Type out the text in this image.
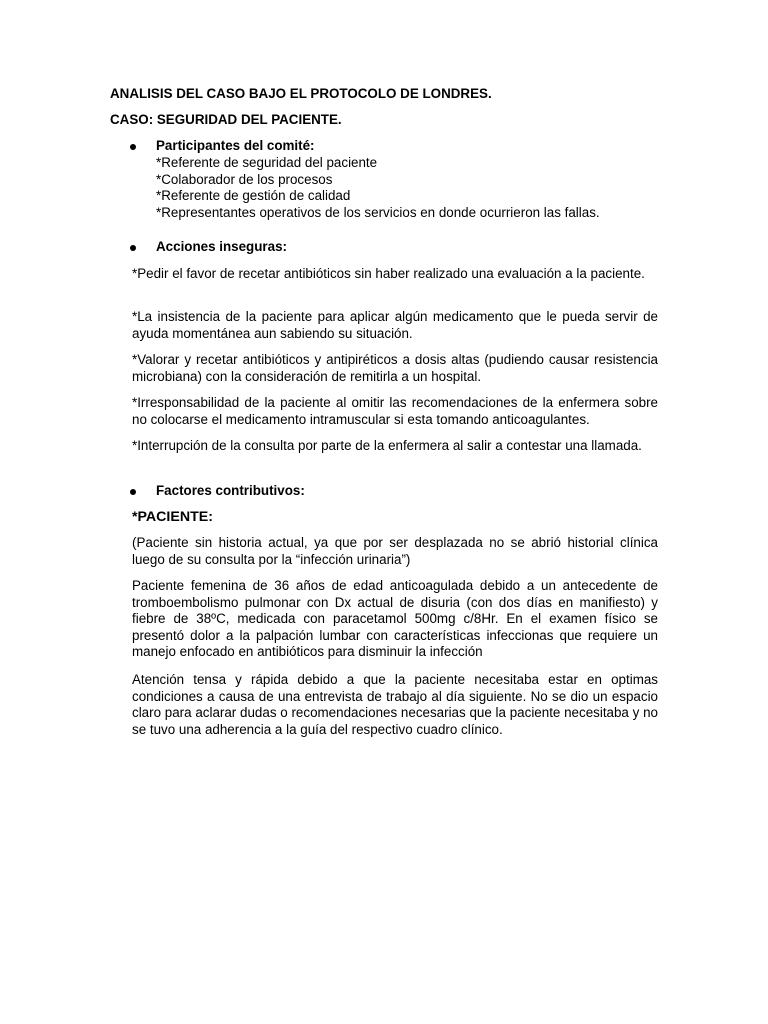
ANALISIS DEL CASO BAJO EL PROTOCOLO DE LONDRES.
CASO: SEGURIDAD DEL PACIENTE.
Participantes del comité:
*Referente de seguridad del paciente
*Colaborador de los procesos
*Referente de gestión de calidad
*Representantes operativos de los servicios en donde ocurrieron las fallas.
Acciones inseguras:
*Pedir el favor de recetar antibióticos sin haber realizado una evaluación a la paciente.
*La insistencia de la paciente para aplicar algún medicamento que le pueda servir de ayuda momentánea aun sabiendo su situación.
*Valorar y recetar antibióticos y antipiréticos a dosis altas (pudiendo causar resistencia microbiana) con la consideración de remitirla a un hospital.
*Irresponsabilidad de la paciente al omitir las recomendaciones de la enfermera sobre no colocarse el medicamento intramuscular si esta tomando anticoagulantes.
*Interrupción de la consulta por parte de la enfermera al salir a contestar una llamada.
Factores contributivos:
*PACIENTE:
(Paciente sin historia actual, ya que por ser desplazada no se abrió historial clínica luego de su consulta por la “infección urinaria”)
Paciente femenina de 36 años de edad anticoagulada debido a un antecedente de tromboembolismo pulmonar con Dx actual de disuria (con dos días en manifiesto) y fiebre de 38ºC, medicada con paracetamol 500mg c/8Hr. En el examen físico se presentó dolor a la palpación lumbar con características infeccionas que requiere un manejo enfocado en antibióticos para disminuir la infección
Atención tensa y rápida debido a que la paciente necesitaba estar en optimas condiciones a causa de una entrevista de trabajo al día siguiente. No se dio un espacio claro para aclarar dudas o recomendaciones necesarias que la paciente necesitaba y no se tuvo una adherencia a la guía del respectivo cuadro clínico.
